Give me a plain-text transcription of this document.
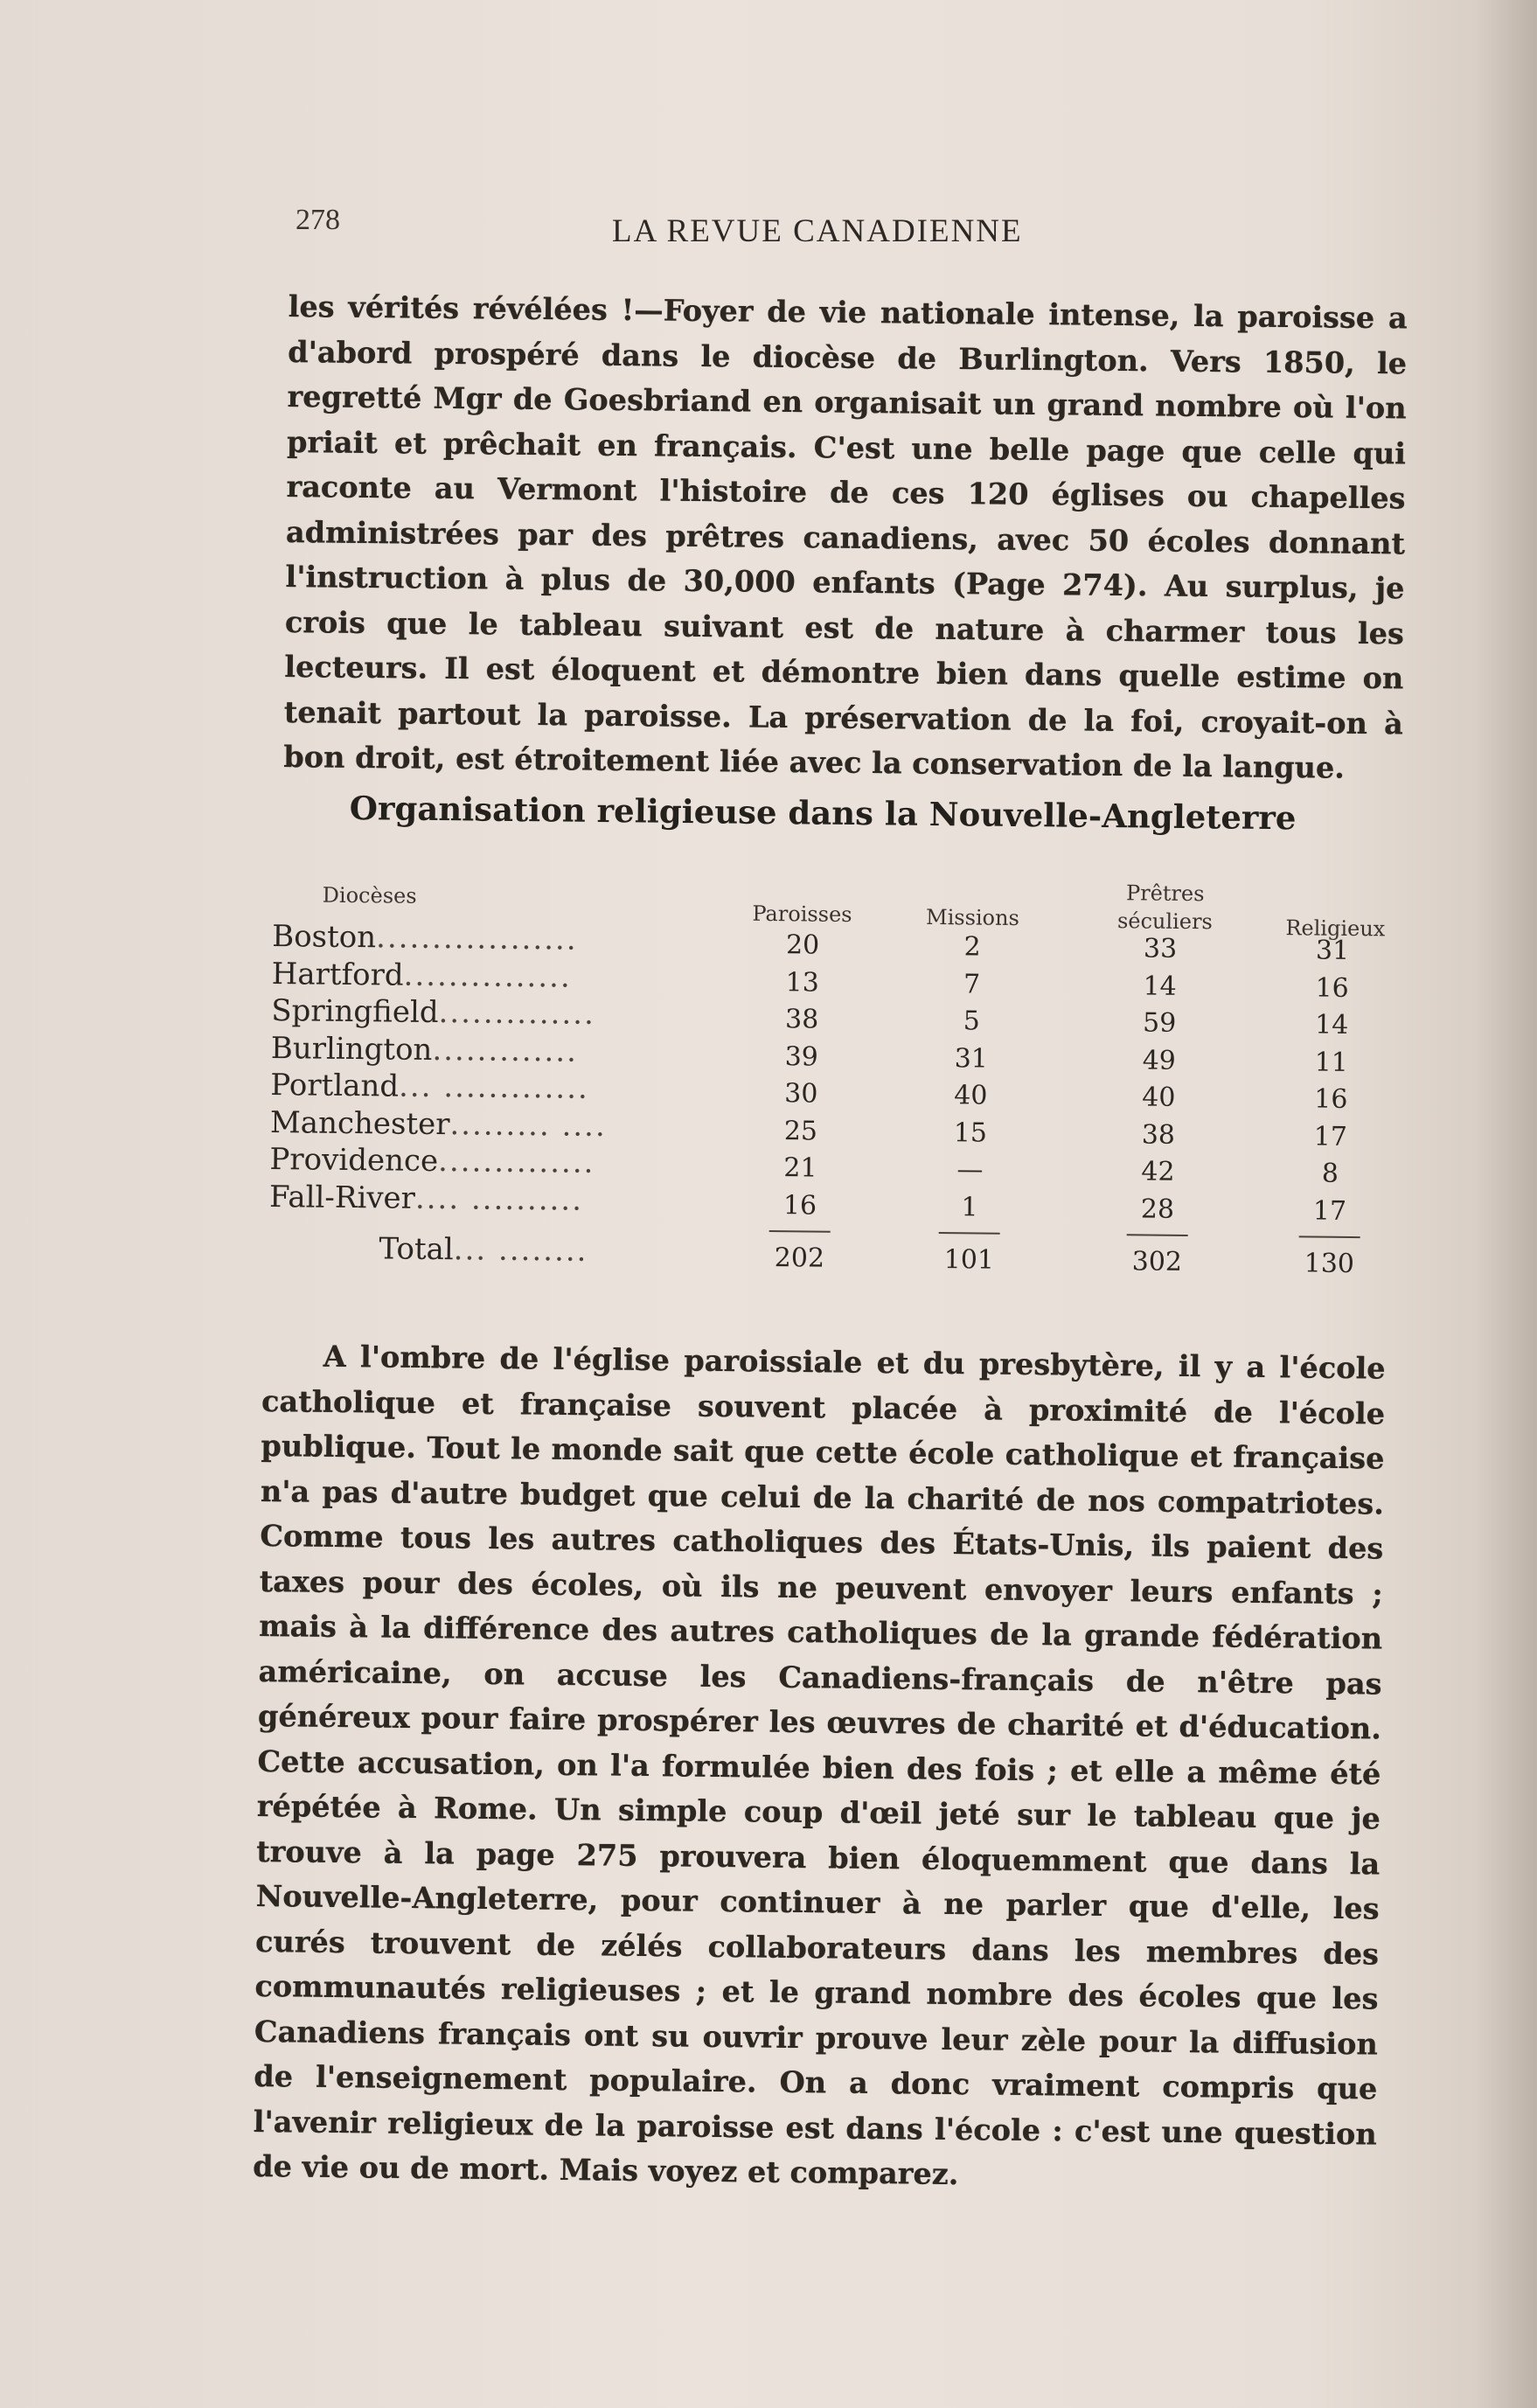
278	LA REVUE CANADIENNE

les vérités révélées !—Foyer de vie nationale intense, la paroisse a d'abord prospéré dans le diocèse de Burlington. Vers 1850, le regretté Mgr de Goesbriand en organisait un grand nombre où l'on priait et prêchait en français. C'est une belle page que celle qui raconte au Vermont l'histoire de ces 120 églises ou chapelles administrées par des prêtres canadiens, avec 50 écoles donnant l'instruction à plus de 30,000 enfants (Page 274). Au surplus, je crois que le tableau suivant est de nature à charmer tous les lecteurs. Il est éloquent et démontre bien dans quelle estime on tenait partout la paroisse. La préservation de la foi, croyait-on à bon droit, est étroitement liée avec la conservation de la langue.

Organisation religieuse dans la Nouvelle-Angleterre
Diocèses
Paroisses	Missions
Prêtres
séculiers	Religieux
Boston..................	20	2	33	31
Hartford...............	13	7	14	16
Springfield..............	38	5	59	14
Burlington.............	39	31	49	11
Portland... .............	30	40	40	16
Manchester......... ....	25	15	38	17
Providence..............	21	—	42	8
Fall-River.... ..........	16	1	28	17
Total... ........	202	101	302	130

A l'ombre de l'église paroissiale et du presbytère, il y a l'école catholique et française souvent placée à proximité de l'école publique. Tout le monde sait que cette école catholique et française n'a pas d'autre budget que celui de la charité de nos compatriotes. Comme tous les autres catholiques des États-Unis, ils paient des taxes pour des écoles, où ils ne peuvent envoyer leurs enfants ; mais à la différence des autres catholiques de la grande fédération américaine, on accuse les Canadiens-français de n'être pas généreux pour faire prospérer les œuvres de charité et d'éducation. Cette accusation, on l'a formulée bien des fois ; et elle a même été répétée à Rome. Un simple coup d'œil jeté sur le tableau que je trouve à la page 275 prouvera bien éloquemment que dans la Nouvelle-Angleterre, pour continuer à ne parler que d'elle, les curés trouvent de zélés collaborateurs dans les membres des communautés religieuses ; et le grand nombre des écoles que les Canadiens français ont su ouvrir prouve leur zèle pour la diffusion de l'enseignement populaire. On a donc vraiment compris que l'avenir religieux de la paroisse est dans l'école : c'est une question de vie ou de mort. Mais voyez et comparez.
